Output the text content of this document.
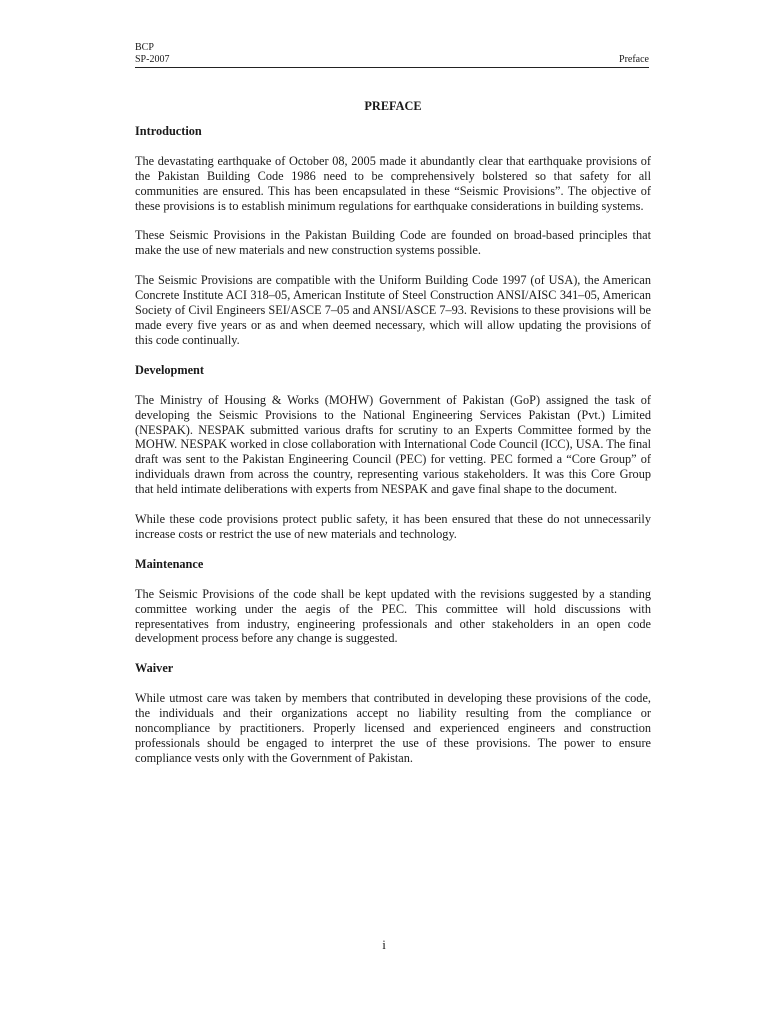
BCP
SP-2007	Preface
PREFACE
Introduction

The devastating earthquake of October 08, 2005 made it abundantly clear that earthquake provisions of the Pakistan Building Code 1986 need to be comprehensively bolstered so that safety for all communities are ensured. This has been encapsulated in these “Seismic Provisions”. The objective of these provisions is to establish minimum regulations for earthquake considerations in building systems.

These Seismic Provisions in the Pakistan Building Code are founded on broad-based principles that make the use of new materials and new construction systems possible.

The Seismic Provisions are compatible with the Uniform Building Code 1997 (of USA), the American Concrete Institute ACI 318–05, American Institute of Steel Construction ANSI/AISC 341–05, American Society of Civil Engineers SEI/ASCE 7–05 and ANSI/ASCE 7–93. Revisions to these provisions will be made every five years or as and when deemed necessary, which will allow updating the provisions of this code continually.

Development

The Ministry of Housing & Works (MOHW) Government of Pakistan (GoP) assigned the task of developing the Seismic Provisions to the National Engineering Services Pakistan (Pvt.) Limited (NESPAK). NESPAK submitted various drafts for scrutiny to an Experts Committee formed by the MOHW. NESPAK worked in close collaboration with International Code Council (ICC), USA. The final draft was sent to the Pakistan Engineering Council (PEC) for vetting. PEC formed a “Core Group” of individuals drawn from across the country, representing various stakeholders. It was this Core Group that held intimate deliberations with experts from NESPAK and gave final shape to the document.

While these code provisions protect public safety, it has been ensured that these do not unnecessarily increase costs or restrict the use of new materials and technology.

Maintenance

The Seismic Provisions of the code shall be kept updated with the revisions suggested by a standing committee working under the aegis of the PEC. This committee will hold discussions with representatives from industry, engineering professionals and other stakeholders in an open code development process before any change is suggested.

Waiver

While utmost care was taken by members that contributed in developing these provisions of the code, the individuals and their organizations accept no liability resulting from the compliance or noncompliance by practitioners. Properly licensed and experienced engineers and construction professionals should be engaged to interpret the use of these provisions. The power to ensure compliance vests only with the Government of Pakistan.

i
